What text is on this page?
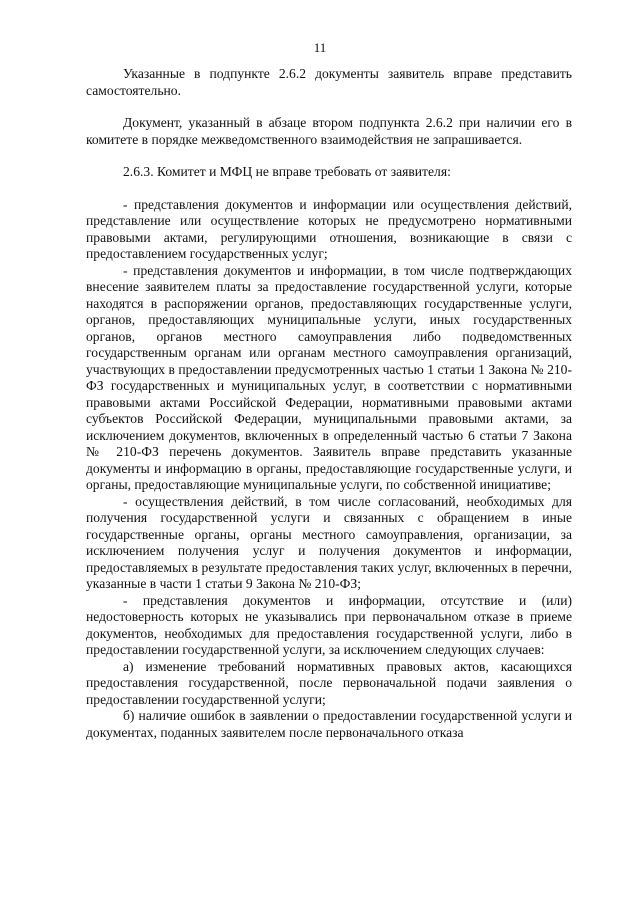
11

Указанные в подпункте 2.6.2 документы заявитель вправе представить самостоятельно.

Документ, указанный в абзаце втором подпункта 2.6.2 при наличии его в комитете в порядке межведомственного взаимодействия не запрашивается.

2.6.3. Комитет и МФЦ не вправе требовать от заявителя:

- представления документов и информации или осуществления действий, представление или осуществление которых не предусмотрено нормативными правовыми актами, регулирующими отношения, возникающие в связи с предоставлением государственных услуг;

- представления документов и информации, в том числе подтверждающих внесение заявителем платы за предоставление государственной услуги, которые находятся в распоряжении органов, предоставляющих государственные услуги, органов, предоставляющих муниципальные услуги, иных государственных органов, органов местного самоуправления либо подведомственных государственным органам или органам местного самоуправления организаций, участвующих в предоставлении предусмотренных частью 1 статьи 1 Закона № 210-ФЗ государственных и муниципальных услуг, в соответствии с нормативными правовыми актами Российской Федерации, нормативными правовыми актами субъектов Российской Федерации, муниципальными правовыми актами, за исключением документов, включенных в определенный частью 6 статьи 7 Закона № 210-ФЗ перечень документов. Заявитель вправе представить указанные документы и информацию в органы, предоставляющие государственные услуги, и органы, предоставляющие муниципальные услуги, по собственной инициативе;

- осуществления действий, в том числе согласований, необходимых для получения государственной услуги и связанных с обращением в иные государственные органы, органы местного самоуправления, организации, за исключением получения услуг и получения документов и информации, предоставляемых в результате предоставления таких услуг, включенных в перечни, указанные в части 1 статьи 9 Закона № 210-ФЗ;

- представления документов и информации, отсутствие и (или) недостоверность которых не указывались при первоначальном отказе в приеме документов, необходимых для предоставления государственной услуги, либо в предоставлении государственной услуги, за исключением следующих случаев:

а) изменение требований нормативных правовых актов, касающихся предоставления государственной, после первоначальной подачи заявления о предоставлении государственной услуги;

б) наличие ошибок в заявлении о предоставлении государственной услуги и документах, поданных заявителем после первоначального отказа
